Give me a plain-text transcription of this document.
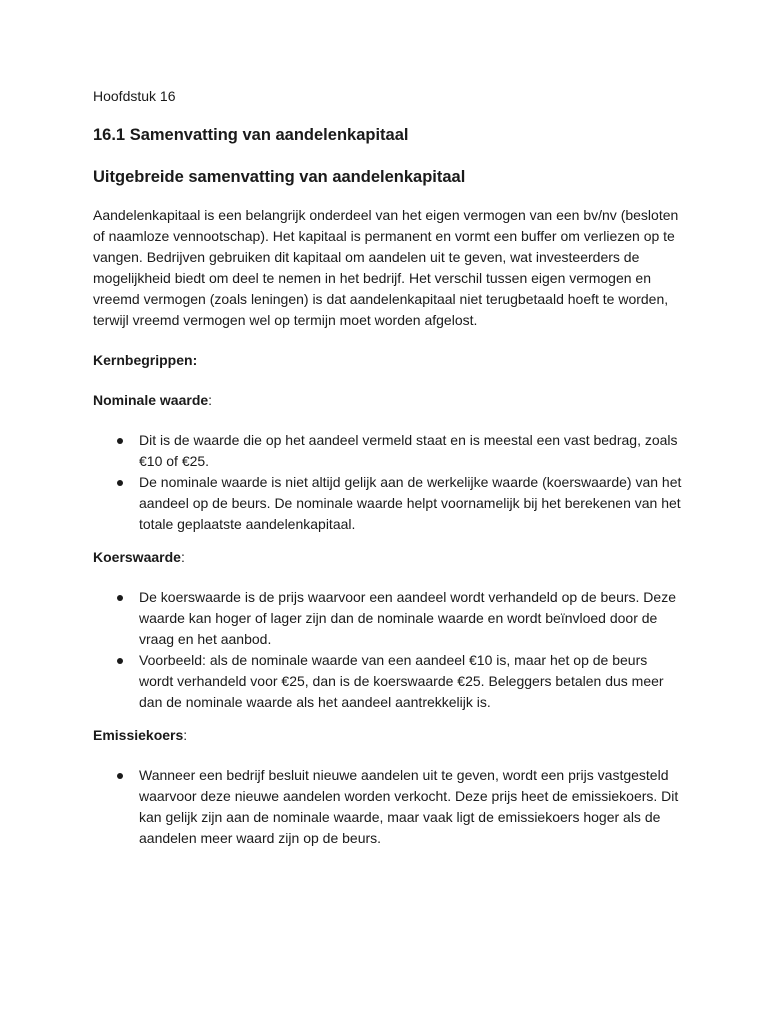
Hoofdstuk 16
16.1 Samenvatting van aandelenkapitaal
Uitgebreide samenvatting van aandelenkapitaal

Aandelenkapitaal is een belangrijk onderdeel van het eigen vermogen van een bv/nv (besloten of naamloze vennootschap). Het kapitaal is permanent en vormt een buffer om verliezen op te vangen. Bedrijven gebruiken dit kapitaal om aandelen uit te geven, wat investeerders de mogelijkheid biedt om deel te nemen in het bedrijf. Het verschil tussen eigen vermogen en vreemd vermogen (zoals leningen) is dat aandelenkapitaal niet terugbetaald hoeft te worden, terwijl vreemd vermogen wel op termijn moet worden afgelost.

Kernbegrippen:
Nominale waarde:
Dit is de waarde die op het aandeel vermeld staat en is meestal een vast bedrag, zoals €10 of €25.
De nominale waarde is niet altijd gelijk aan de werkelijke waarde (koerswaarde) van het aandeel op de beurs. De nominale waarde helpt voornamelijk bij het berekenen van het totale geplaatste aandelenkapitaal.
Koerswaarde:
De koerswaarde is de prijs waarvoor een aandeel wordt verhandeld op de beurs. Deze waarde kan hoger of lager zijn dan de nominale waarde en wordt beïnvloed door de vraag en het aanbod.
Voorbeeld: als de nominale waarde van een aandeel €10 is, maar het op de beurs wordt verhandeld voor €25, dan is de koerswaarde €25. Beleggers betalen dus meer dan de nominale waarde als het aandeel aantrekkelijk is.
Emissiekoers:
Wanneer een bedrijf besluit nieuwe aandelen uit te geven, wordt een prijs vastgesteld waarvoor deze nieuwe aandelen worden verkocht. Deze prijs heet de emissiekoers. Dit kan gelijk zijn aan de nominale waarde, maar vaak ligt de emissiekoers hoger als de aandelen meer waard zijn op de beurs.
